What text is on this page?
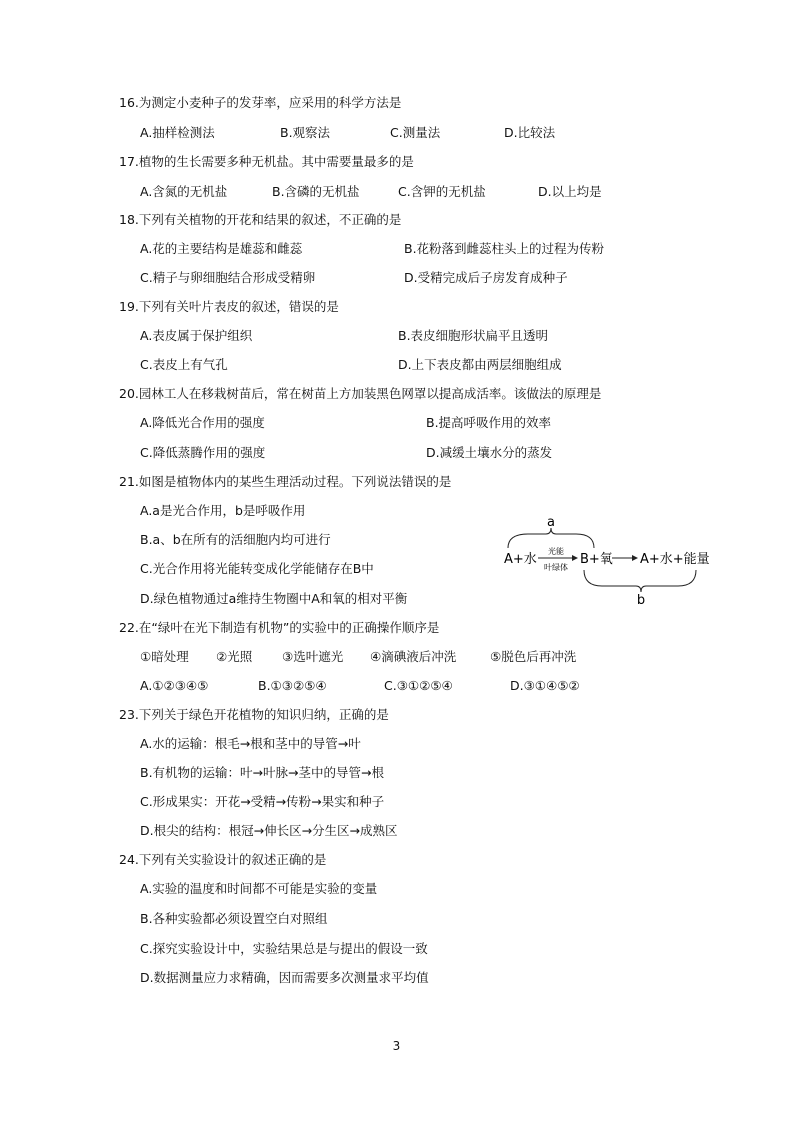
16.为测定小麦种子的发芽率，应采用的科学方法是
A.抽样检测法	B.观察法	C.测量法	D.比较法
17.植物的生长需要多种无机盐。其中需要量最多的是
A.含氮的无机盐	B.含磷的无机盐	C.含钾的无机盐	D.以上均是
18.下列有关植物的开花和结果的叙述，不正确的是
A.花的主要结构是雄蕊和雌蕊	B.花粉落到雌蕊柱头上的过程为传粉
C.精子与卵细胞结合形成受精卵	D.受精完成后子房发育成种子
19.下列有关叶片表皮的叙述，错误的是
A.表皮属于保护组织	B.表皮细胞形状扁平且透明
C.表皮上有气孔	D.上下表皮都由两层细胞组成
20.园林工人在移栽树苗后，常在树苗上方加装黑色网罩以提高成活率。该做法的原理是
A.降低光合作用的强度	B.提高呼吸作用的效率
C.降低蒸腾作用的强度	D.减缓土壤水分的蒸发
21.如图是植物体内的某些生理活动过程。下列说法错误的是
A.a是光合作用，b是呼吸作用
B.a、b在所有的活细胞内均可进行
C.光合作用将光能转变成化学能储存在B中
D.绿色植物通过a维持生物圈中A和氧的相对平衡
a
A+水
光能
叶绿体
B+氧 A+水+能量
b
22.在“绿叶在光下制造有机物”的实验中的正确操作顺序是
①暗处理 ②光照 ③选叶遮光 ④滴碘液后冲洗	⑤脱色后再冲洗
A.①②③④⑤	B.①③②⑤④	C.③①②⑤④	D.③①④⑤②
23.下列关于绿色开花植物的知识归纳，正确的是
A.水的运输：根毛→根和茎中的导管→叶
B.有机物的运输：叶→叶脉→茎中的导管→根
C.形成果实：开花→受精→传粉→果实和种子
D.根尖的结构：根冠→伸长区→分生区→成熟区
24.下列有关实验设计的叙述正确的是
A.实验的温度和时间都不可能是实验的变量
B.各种实验都必须设置空白对照组
C.探究实验设计中，实验结果总是与提出的假设一致
D.数据测量应力求精确，因而需要多次测量求平均值
3
